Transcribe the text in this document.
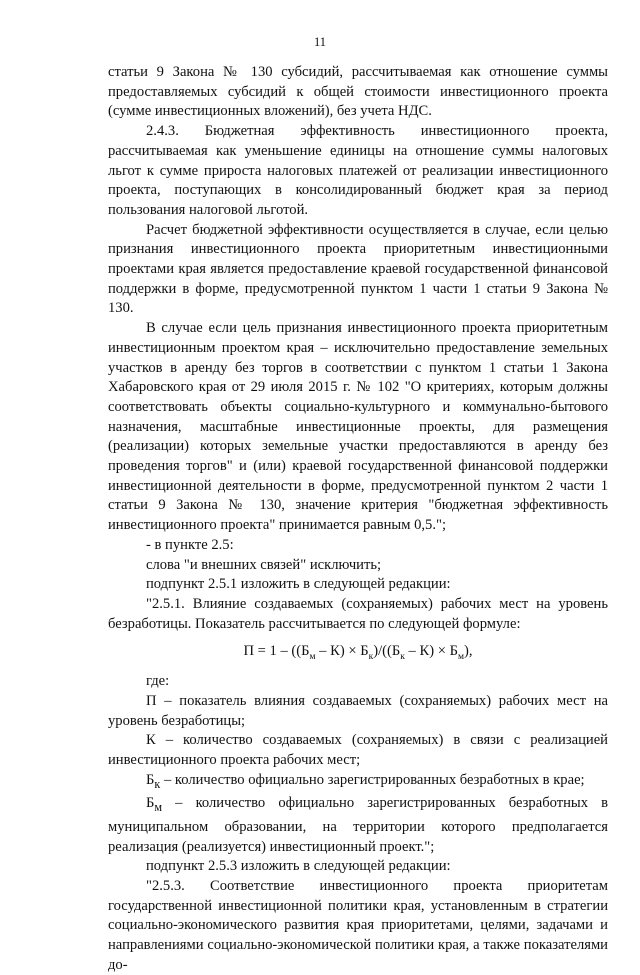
11

статьи 9 Закона № 130 субсидий, рассчитываемая как отношение суммы предоставляемых субсидий к общей стоимости инвестиционного проекта (сумме инвестиционных вложений), без учета НДС.

2.4.3. Бюджетная эффективность инвестиционного проекта, рассчитываемая как уменьшение единицы на отношение суммы налоговых льгот к сумме прироста налоговых платежей от реализации инвестиционного проекта, поступающих в консолидированный бюджет края за период пользования налоговой льготой.

Расчет бюджетной эффективности осуществляется в случае, если целью признания инвестиционного проекта приоритетным инвестиционными проектами края является предоставление краевой государственной финансовой поддержки в форме, предусмотренной пунктом 1 части 1 статьи 9 Закона № 130.

В случае если цель признания инвестиционного проекта приоритетным инвестиционным проектом края – исключительно предоставление земельных участков в аренду без торгов в соответствии с пунктом 1 статьи 1 Закона Хабаровского края от 29 июля 2015 г. № 102 "О критериях, которым должны соответствовать объекты социально-культурного и коммунально-бытового назначения, масштабные инвестиционные проекты, для размещения (реализации) которых земельные участки предоставляются в аренду без проведения торгов" и (или) краевой государственной финансовой поддержки инвестиционной деятельности в форме, предусмотренной пунктом 2 части 1 статьи 9 Закона № 130, значение критерия "бюджетная эффективность инвестиционного проекта" принимается равным 0,5.";

- в пункте 2.5:

слова "и внешних связей" исключить;

подпункт 2.5.1 изложить в следующей редакции:

"2.5.1. Влияние создаваемых (сохраняемых) рабочих мест на уровень безработицы. Показатель рассчитывается по следующей формуле:

$П = 1 - ((Б_м - К) \times Б_к)/((Б_к - К) \times Б_м)$,

где:

П – показатель влияния создаваемых (сохраняемых) рабочих мест на уровень безработицы;

К – количество создаваемых (сохраняемых) в связи с реализацией инвестиционного проекта рабочих мест;

$Б_к$ – количество официально зарегистрированных безработных в крае;

$Б_м$ – количество официально зарегистрированных безработных в муниципальном образовании, на территории которого предполагается реализация (реализуется) инвестиционный проект.";

подпункт 2.5.3 изложить в следующей редакции:

"2.5.3. Соответствие инвестиционного проекта приоритетам государственной инвестиционной политики края, установленным в стратегии социально-экономического развития края приоритетами, целями, задачами и направлениями социально-экономической политики края, а также показателями до-
